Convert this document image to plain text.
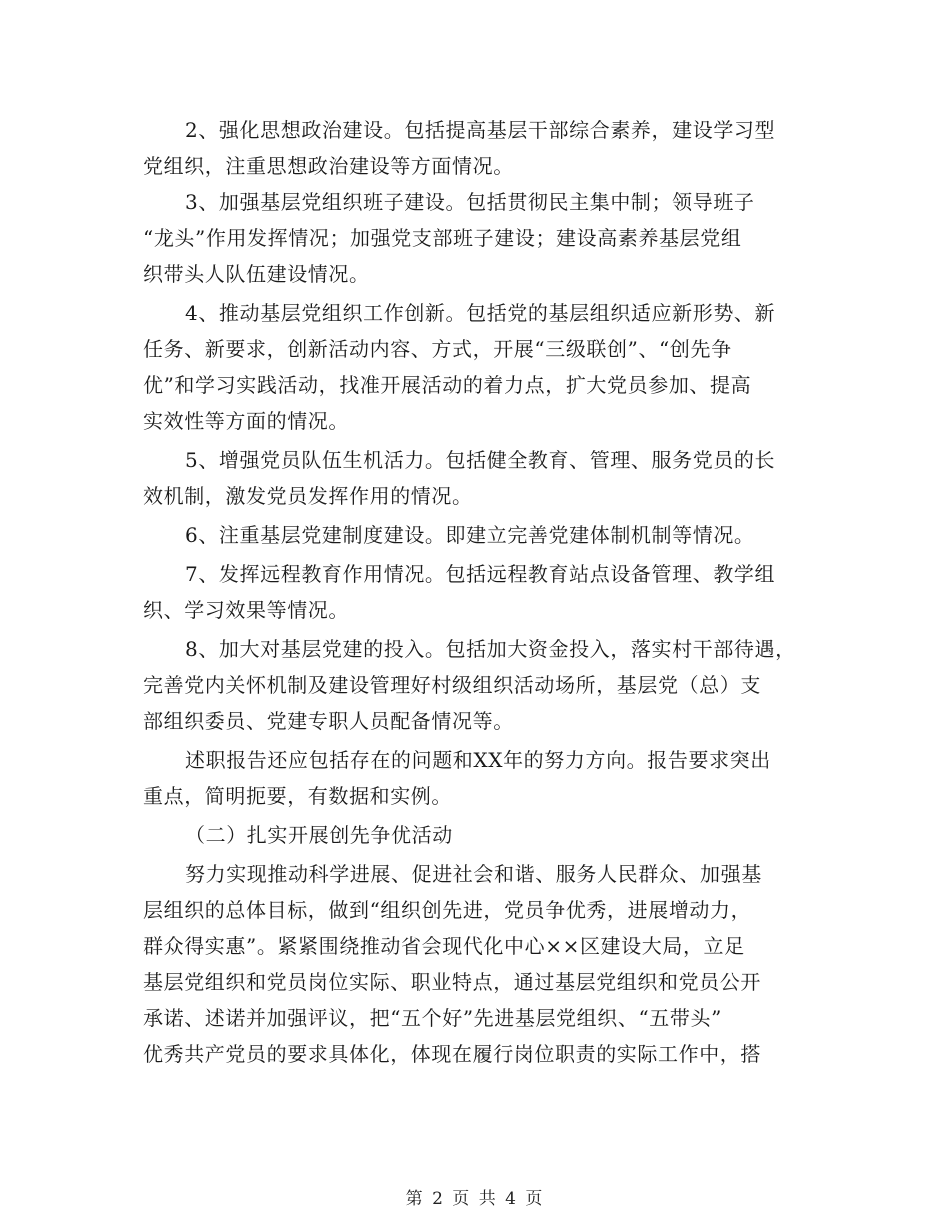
2、强化思想政治建设。包括提高基层干部综合素养，建设学习型
党组织，注重思想政治建设等方面情况。
3、加强基层党组织班子建设。包括贯彻民主集中制；领导班子
“龙头”作用发挥情况；加强党支部班子建设；建设高素养基层党组
织带头人队伍建设情况。
4、推动基层党组织工作创新。包括党的基层组织适应新形势、新
任务、新要求，创新活动内容、方式，开展“三级联创”、“创先争
优”和学习实践活动，找准开展活动的着力点，扩大党员参加、提高
实效性等方面的情况。
5、增强党员队伍生机活力。包括健全教育、管理、服务党员的长
效机制，激发党员发挥作用的情况。
6、注重基层党建制度建设。即建立完善党建体制机制等情况。
7、发挥远程教育作用情况。包括远程教育站点设备管理、教学组
织、学习效果等情况。
8、加大对基层党建的投入。包括加大资金投入，落实村干部待遇，
完善党内关怀机制及建设管理好村级组织活动场所，基层党（总）支
部组织委员、党建专职人员配备情况等。
述职报告还应包括存在的问题和XX年的努力方向。报告要求突出
重点，简明扼要，有数据和实例。
（二）扎实开展创先争优活动
努力实现推动科学进展、促进社会和谐、服务人民群众、加强基
层组织的总体目标，做到“组织创先进，党员争优秀，进展增动力，
群众得实惠”。紧紧围绕推动省会现代化中心××区建设大局，立足
基层党组织和党员岗位实际、职业特点，通过基层党组织和党员公开
承诺、述诺并加强评议，把“五个好”先进基层党组织、“五带头”
优秀共产党员的要求具体化，体现在履行岗位职责的实际工作中，搭
第 2 页 共 4 页
